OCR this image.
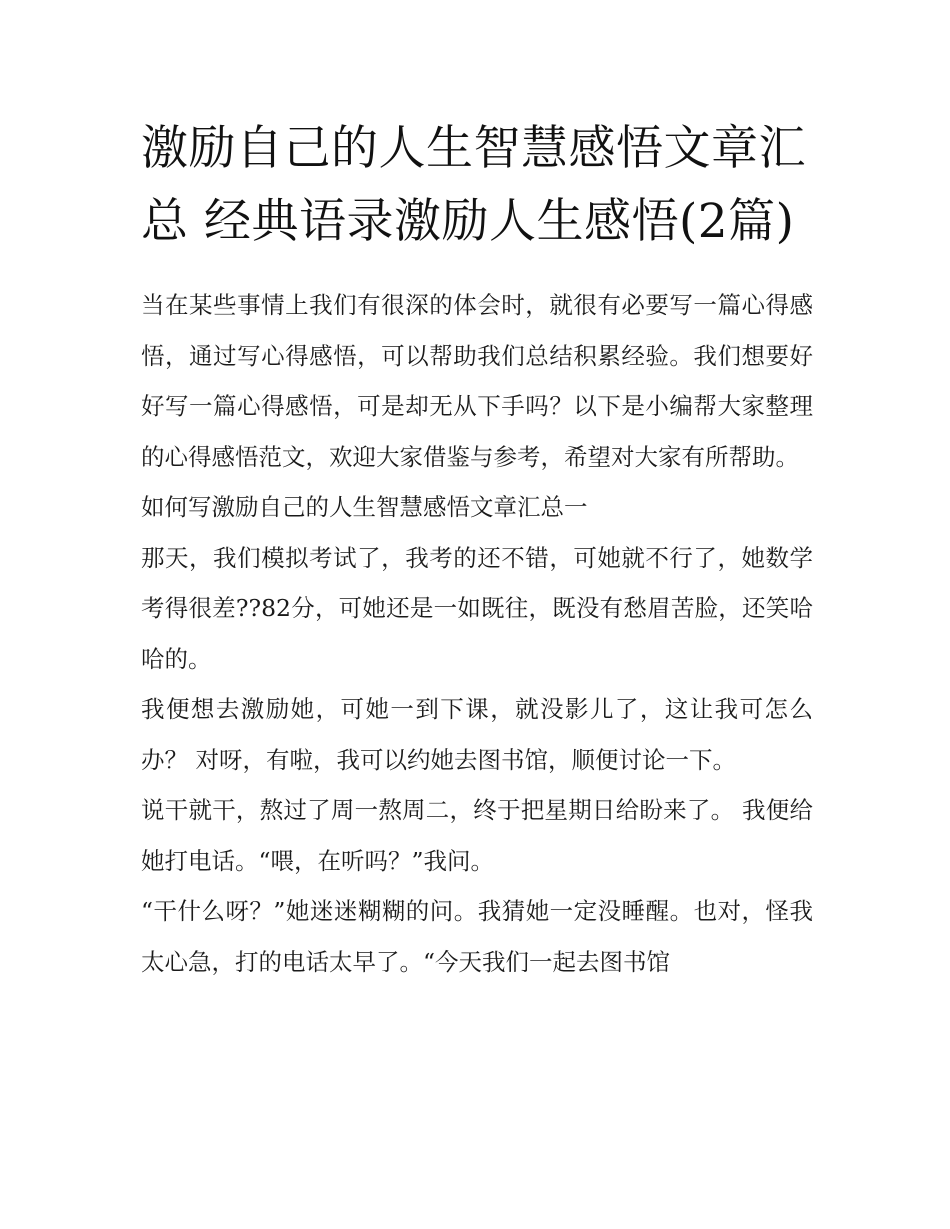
激励自己的人生智慧感悟文章汇总 经典语录激励人生感悟(2篇)

当在某些事情上我们有很深的体会时，就很有必要写一篇心得感悟，通过写心得感悟，可以帮助我们总结积累经验。我们想要好好写一篇心得感悟，可是却无从下手吗？以下是小编帮大家整理的心得感悟范文，欢迎大家借鉴与参考，希望对大家有所帮助。

如何写激励自己的人生智慧感悟文章汇总一

那天，我们模拟考试了，我考的还不错，可她就不行了，她数学考得很差??82分，可她还是一如既往，既没有愁眉苦脸，还笑哈哈的。

我便想去激励她，可她一到下课，就没影儿了，这让我可怎么办？ 对呀，有啦，我可以约她去图书馆，顺便讨论一下。

说干就干，熬过了周一熬周二，终于把星期日给盼来了。 我便给她打电话。“喂，在听吗？”我问。

“干什么呀？”她迷迷糊糊的问。我猜她一定没睡醒。也对，怪我太心急，打的电话太早了。“今天我们一起去图书馆
